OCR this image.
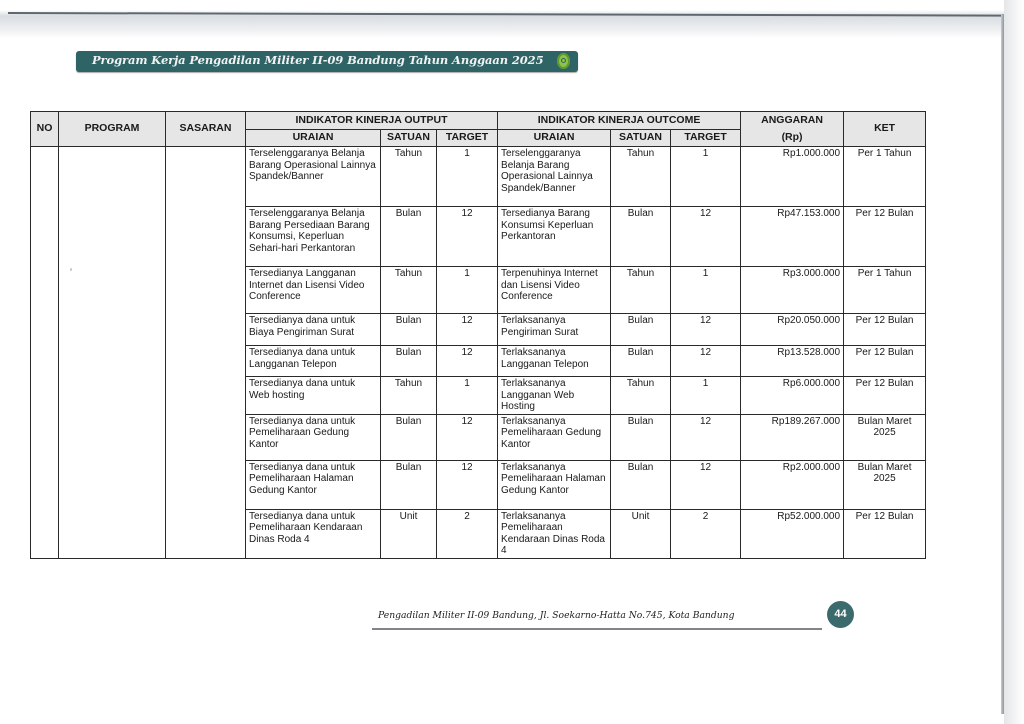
Program Kerja Pengadilan Militer II-09 Bandung Tahun Anggaan 2025
NO	PROGRAM	SASARAN	INDIKATOR KINERJA OUTPUT			INDIKATOR KINERJA OUTCOME			ANGGARAN	KET
			URAIAN	SATUAN	TARGET	URAIAN	SATUAN	TARGET	(Rp)	
			Terselenggaranya Belanja Barang Operasional Lainnya Spandek/Banner	Tahun	1	Terselenggaranya Belanja Barang Operasional Lainnya Spandek/Banner	Tahun	1	Rp1.000.000	Per 1 Tahun
			Terselenggaranya Belanja Barang Persediaan Barang Konsumsi, Keperluan Sehari-hari Perkantoran	Bulan	12	Tersedianya Barang Konsumsi Keperluan Perkantoran	Bulan	12	Rp47.153.000	Per 12 Bulan
			Tersedianya Langganan Internet dan Lisensi Video Conference	Tahun	1	Terpenuhinya Internet dan Lisensi Video Conference	Tahun	1	Rp3.000.000	Per 1 Tahun
			Tersedianya dana untuk Biaya Pengiriman Surat	Bulan	12	Terlaksananya Pengiriman Surat	Bulan	12	Rp20.050.000	Per 12 Bulan
			Tersedianya dana untuk Langganan Telepon	Bulan	12	Terlaksananya Langganan Telepon	Bulan	12	Rp13.528.000	Per 12 Bulan
			Tersedianya dana untuk Web hosting	Tahun	1	Terlaksananya Langganan Web Hosting	Tahun	1	Rp6.000.000	Per 12 Bulan
			Tersedianya dana untuk Pemeliharaan Gedung Kantor	Bulan	12	Terlaksananya Pemeliharaan Gedung Kantor	Bulan	12	Rp189.267.000	Bulan Maret 2025
			Tersedianya dana untuk Pemeliharaan Halaman Gedung Kantor	Bulan	12	Terlaksananya Pemeliharaan Halaman Gedung Kantor	Bulan	12	Rp2.000.000	Bulan Maret 2025
			Tersedianya dana untuk Pemeliharaan Kendaraan Dinas Roda 4	Unit	2	Terlaksananya Pemeliharaan Kendaraan Dinas Roda 4	Unit	2	Rp52.000.000	Per 12 Bulan
Pengadilan Militer II-09 Bandung, Jl. Soekarno-Hatta No.745, Kota Bandung	44
